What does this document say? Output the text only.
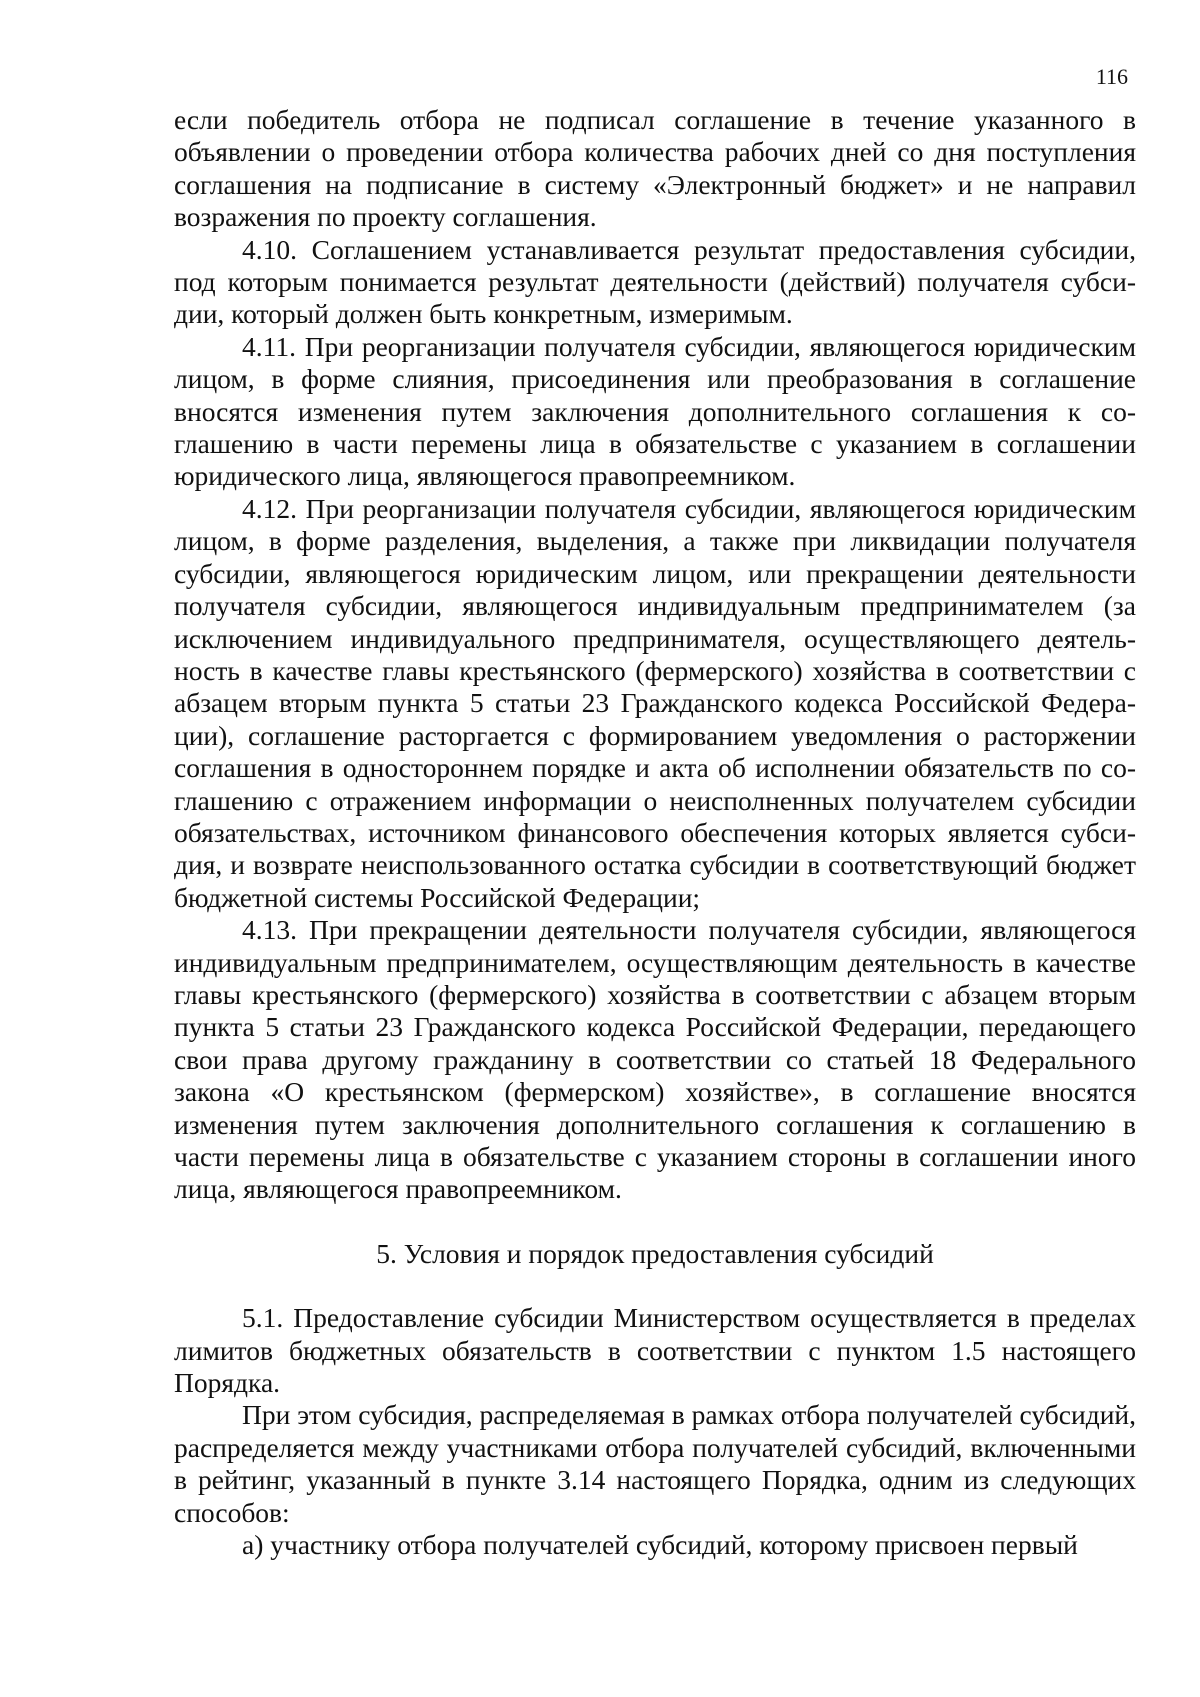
116

если победитель отбора не подписал соглашение в течение указанного в объявлении о проведении отбора количества рабочих дней со дня поступления соглашения на подписание в систему «Электронный бюджет» и не направил возражения по проекту соглашения.

4.10. Соглашением устанавливается результат предоставления субсидии, под которым понимается результат деятельности (действий) получателя субсидии, который должен быть конкретным, измеримым.

4.11. При реорганизации получателя субсидии, являющегося юридическим лицом, в форме слияния, присоединения или преобразования в соглашение вносятся изменения путем заключения дополнительного соглашения к соглашению в части перемены лица в обязательстве с указанием в соглашении юридического лица, являющегося правопреемником.

4.12. При реорганизации получателя субсидии, являющегося юридическим лицом, в форме разделения, выделения, а также при ликвидации получателя субсидии, являющегося юридическим лицом, или прекращении деятельности получателя субсидии, являющегося индивидуальным предпринимателем (за исключением индивидуального предпринимателя, осуществляющего деятельность в качестве главы крестьянского (фермерского) хозяйства в соответствии с абзацем вторым пункта 5 статьи 23 Гражданского кодекса Российской Федерации), соглашение расторгается с формированием уведомления о расторжении соглашения в одностороннем порядке и акта об исполнении обязательств по соглашению с отражением информации о неисполненных получателем субсидии обязательствах, источником финансового обеспечения которых является субсидия, и возврате неиспользованного остатка субсидии в соответствующий бюджет бюджетной системы Российской Федерации;

4.13. При прекращении деятельности получателя субсидии, являющегося индивидуальным предпринимателем, осуществляющим деятельность в качестве главы крестьянского (фермерского) хозяйства в соответствии с абзацем вторым пункта 5 статьи 23 Гражданского кодекса Российской Федерации, передающего свои права другому гражданину в соответствии со статьей 18 Федерального закона «О крестьянском (фермерском) хозяйстве», в соглашение вносятся изменения путем заключения дополнительного соглашения к соглашению в части перемены лица в обязательстве с указанием стороны в соглашении иного лица, являющегося правопреемником.

5. Условия и порядок предоставления субсидий

5.1. Предоставление субсидии Министерством осуществляется в пределах лимитов бюджетных обязательств в соответствии с пунктом 1.5 настоящего Порядка.

При этом субсидия, распределяемая в рамках отбора получателей субсидий, распределяется между участниками отбора получателей субсидий, включенными в рейтинг, указанный в пункте 3.14 настоящего Порядка, одним из следующих способов:

а) участнику отбора получателей субсидий, которому присвоен первый
